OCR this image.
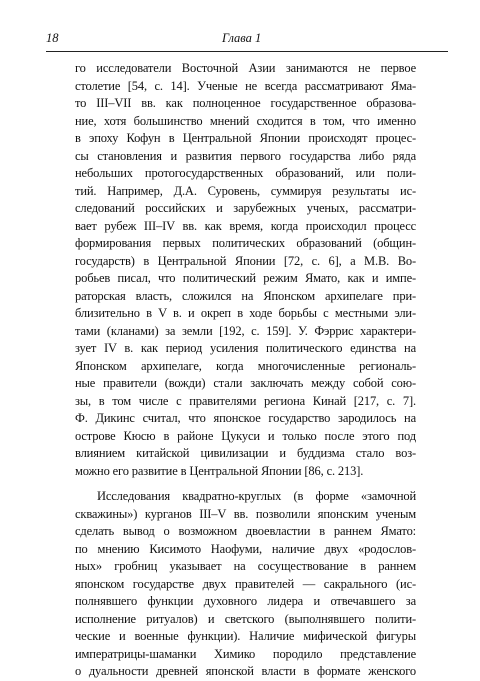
18	Глава 1
го исследователи Восточной Азии занимаются не первое
столетие [54, с. 14]. Ученые не всегда рассматривают Яма-
то III–VII вв. как полноценное государственное образова-
ние, хотя большинство мнений сходится в том, что именно
в эпоху Кофун в Центральной Японии происходят процес-
сы становления и развития первого государства либо ряда
небольших протогосударственных образований, или поли-
тий. Например, Д.А. Суровень, суммируя результаты ис-
следований российских и зарубежных ученых, рассматри-
вает рубеж III–IV вв. как время, когда происходил процесс
формирования первых политических образований (общин-
государств) в Центральной Японии [72, с. 6], а М.В. Во-
робьев писал, что политический режим Ямато, как и импе-
раторская власть, сложился на Японском архипелаге при-
близительно в V в. и окреп в ходе борьбы с местными эли-
тами (кланами) за земли [192, с. 159]. У. Фэррис характери-
зует IV в. как период усиления политического единства на
Японском архипелаге, когда многочисленные региональ-
ные правители (вожди) стали заключать между собой сою-
зы, в том числе с правителями региона Кинай [217, с. 7].
Ф. Дикинс считал, что японское государство зародилось на
острове Кюсю в районе Цукуси и только после этого под
влиянием китайской цивилизации и буддизма стало воз-
можно его развитие в Центральной Японии [86, с. 213].
Исследования квадратно-круглых (в форме «замочной
скважины») курганов III–V вв. позволили японским ученым
сделать вывод о возможном двоевластии в раннем Ямато:
по мнению Кисимото Наофуми, наличие двух «родослов-
ных» гробниц указывает на сосуществование в раннем
японском государстве двух правителей — сакрального (ис-
полнявшего функции духовного лидера и отвечавшего за
исполнение ритуалов) и светского (выполнявшего полити-
ческие и военные функции). Наличие мифической фигуры
императрицы-шаманки Химико породило представление
о дуальности древней японской власти в формате женского
